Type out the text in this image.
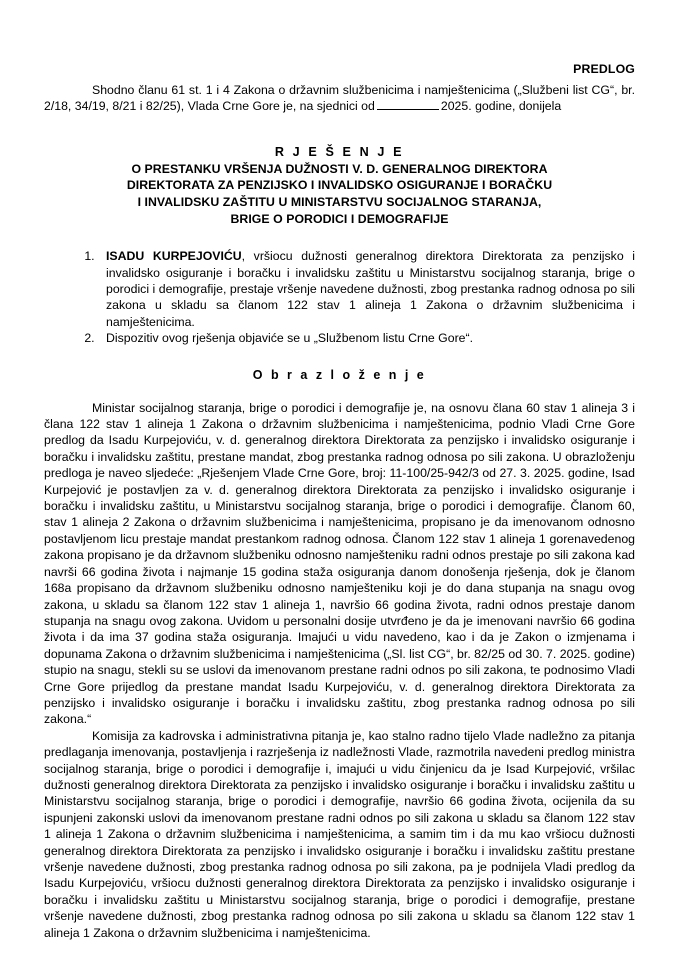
PREDLOG

Shodno članu 61 st. 1 i 4 Zakona o državnim službenicima i namještenicima („Službeni list CG“, br. 2/18, 34/19, 8/21 i 82/25), Vlada Crne Gore je, na sjednici od	2025. godine, donijela

R J E Š E N J E
O PRESTANKU VRŠENJA DUŽNOSTI V. D. GENERALNOG DIREKTORA
DIREKTORATA ZA PENZIJSKO I INVALIDSKO OSIGURANJE I BORAČKU
I INVALIDSKU ZAŠTITU U MINISTARSTVU SOCIJALNOG STARANJA,
BRIGE O PORODICI I DEMOGRAFIJE
1. ISADU KURPEJOVIĆU, vršiocu dužnosti generalnog direktora Direktorata za penzijsko i invalidsko osiguranje i boračku i invalidsku zaštitu u Ministarstvu socijalnog staranja, brige o porodici i demografije, prestaje vršenje navedene dužnosti, zbog prestanka radnog odnosa po sili zakona u skladu sa članom 122 stav 1 alineja 1 Zakona o državnim službenicima i namještenicima.
2. Dispozitiv ovog rješenja objaviće se u „Službenom listu Crne Gore“.
O b r a z l o ž e n j e

Ministar socijalnog staranja, brige o porodici i demografije je, na osnovu člana 60 stav 1 alineja 3 i člana 122 stav 1 alineja 1 Zakona o državnim službenicima i namještenicima, podnio Vladi Crne Gore predlog da Isadu Kurpejoviću, v. d. generalnog direktora Direktorata za penzijsko i invalidsko osiguranje i boračku i invalidsku zaštitu, prestane mandat, zbog prestanka radnog odnosa po sili zakona. U obrazloženju predloga je naveo sljedeće: „Rješenjem Vlade Crne Gore, broj: 11-100/25-942/3 od 27. 3. 2025. godine, Isad Kurpejović je postavljen za v. d. generalnog direktora Direktorata za penzijsko i invalidsko osiguranje i boračku i invalidsku zaštitu, u Ministarstvu socijalnog staranja, brige o porodici i demografije. Članom 60, stav 1 alineja 2 Zakona o državnim službenicima i namještenicima, propisano je da imenovanom odnosno postavljenom licu prestaje mandat prestankom radnog odnosa. Članom 122 stav 1 alineja 1 gorenavedenog zakona propisano je da državnom službeniku odnosno namješteniku radni odnos prestaje po sili zakona kad navrši 66 godina života i najmanje 15 godina staža osiguranja danom donošenja rješenja, dok je članom 168a propisano da državnom službeniku odnosno namješteniku koji je do dana stupanja na snagu ovog zakona, u skladu sa članom 122 stav 1 alineja 1, navršio 66 godina života, radni odnos prestaje danom stupanja na snagu ovog zakona. Uvidom u personalni dosije utvrđeno je da je imenovani navršio 66 godina života i da ima 37 godina staža osiguranja. Imajući u vidu navedeno, kao i da je Zakon o izmjenama i dopunama Zakona o državnim službenicima i namještenicima („Sl. list CG“, br. 82/25 od 30. 7. 2025. godine) stupio na snagu, stekli su se uslovi da imenovanom prestane radni odnos po sili zakona, te podnosimo Vladi Crne Gore prijedlog da prestane mandat Isadu Kurpejoviću, v. d. generalnog direktora Direktorata za penzijsko i invalidsko osiguranje i boračku i invalidsku zaštitu, zbog prestanka radnog odnosa po sili zakona.“

Komisija za kadrovska i administrativna pitanja je, kao stalno radno tijelo Vlade nadležno za pitanja predlaganja imenovanja, postavljenja i razrješenja iz nadležnosti Vlade, razmotrila navedeni predlog ministra socijalnog staranja, brige o porodici i demografije i, imajući u vidu činjenicu da je Isad Kurpejović, vršilac dužnosti generalnog direktora Direktorata za penzijsko i invalidsko osiguranje i boračku i invalidsku zaštitu u Ministarstvu socijalnog staranja, brige o porodici i demografije, navršio 66 godina života, ocijenila da su ispunjeni zakonski uslovi da imenovanom prestane radni odnos po sili zakona u skladu sa članom 122 stav 1 alineja 1 Zakona o državnim službenicima i namještenicima, a samim tim i da mu kao vršiocu dužnosti generalnog direktora Direktorata za penzijsko i invalidsko osiguranje i boračku i invalidsku zaštitu prestane vršenje navedene dužnosti, zbog prestanka radnog odnosa po sili zakona, pa je podnijela Vladi predlog da Isadu Kurpejoviću, vršiocu dužnosti generalnog direktora Direktorata za penzijsko i invalidsko osiguranje i boračku i invalidsku zaštitu u Ministarstvu socijalnog staranja, brige o porodici i demografije, prestane vršenje navedene dužnosti, zbog prestanka radnog odnosa po sili zakona u skladu sa članom 122 stav 1 alineja 1 Zakona o državnim službenicima i namještenicima.
